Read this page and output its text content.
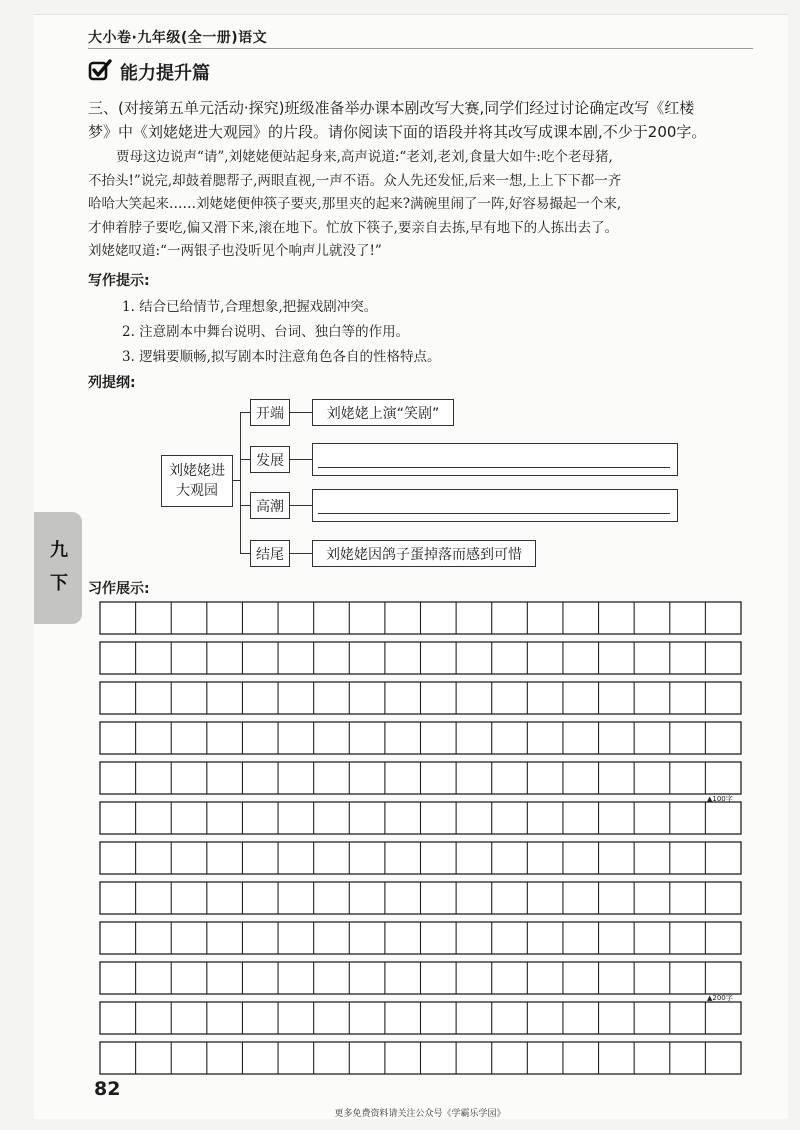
大小卷·九年级(全一册)语文
能力提升篇
三、(对接第五单元活动·探究)班级准备举办课本剧改写大赛,同学们经过讨论确定改写《红楼
梦》中《刘姥姥进大观园》的片段。请你阅读下面的语段并将其改写成课本剧,不少于200字。
贾母这边说声“请”,刘姥姥便站起身来,高声说道:“老刘,老刘,食量大如牛:吃个老母猪,
不抬头!”说完,却鼓着腮帮子,两眼直视,一声不语。众人先还发怔,后来一想,上上下下都一齐
哈哈大笑起来……刘姥姥便伸筷子要夹,那里夹的起来?满碗里闹了一阵,好容易撮起一个来,
才伸着脖子要吃,偏又滑下来,滚在地下。忙放下筷子,要亲自去拣,早有地下的人拣出去了。
刘姥姥叹道:“一两银子也没听见个响声儿就没了!”
写作提示:
1. 结合已给情节,合理想象,把握戏剧冲突。
2. 注意剧本中舞台说明、台词、独白等的作用。
3. 逻辑要顺畅,拟写剧本时注意角色各自的性格特点。
列提纲:
刘姥姥进
大观园
开端
发展
高潮
结尾
刘姥姥上演“笑剧”
刘姥姥因鸽子蛋掉落而感到可惜
九
下 习作展示:
▲100字
▲200字
82
更多免费资料请关注公众号《学霸乐学园》
